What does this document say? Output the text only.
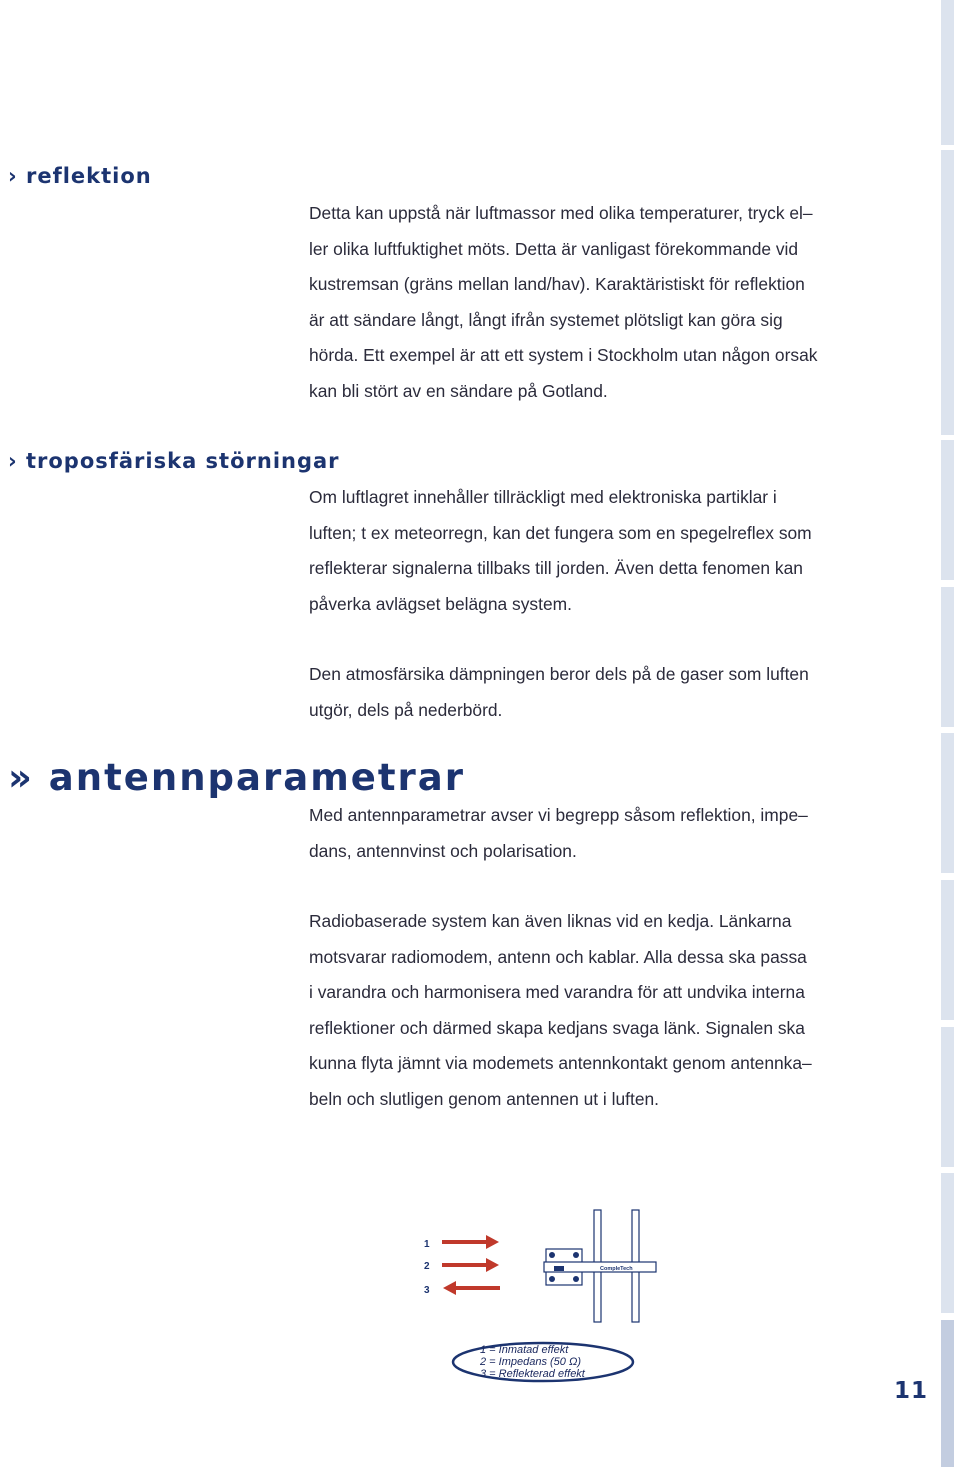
› reflektion
Detta kan uppstå när luftmassor med olika temperaturer, tryck el–
ler olika luftfuktighet möts. Detta är vanligast förekommande vid
kustremsan (gräns mellan land/hav). Karaktäristiskt för reflektion
är att sändare långt, långt ifrån systemet plötsligt kan göra sig
hörda. Ett exempel är att ett system i Stockholm utan någon orsak
kan bli stört av en sändare på Gotland.
› troposfäriska störningar
Om luftlagret innehåller tillräckligt med elektroniska partiklar i
luften; t ex meteorregn, kan det fungera som en spegelreflex som
reflekterar signalerna tillbaks till jorden. Även detta fenomen kan
påverka avlägset belägna system.
Den atmosfärsika dämpningen beror dels på de gaser som luften
utgör, dels på nederbörd.
» antennparametrar
Med antennparametrar avser vi begrepp såsom reflektion, impe–
dans, antennvinst och polarisation.
Radiobaserade system kan även liknas vid en kedja. Länkarna
motsvarar radiomodem, antenn och kablar. Alla dessa ska passa
i varandra och harmonisera med varandra för att undvika interna
reflektioner och därmed skapa kedjans svaga länk. Signalen ska
kunna flyta jämnt via modemets antennkontakt genom antennka–
beln och slutligen genom antennen ut i luften.
1
2
3
CompleTech
1 = Inmatad effekt
2 = Impedans (50 Ω)
3 = Reflekterad effekt
11
